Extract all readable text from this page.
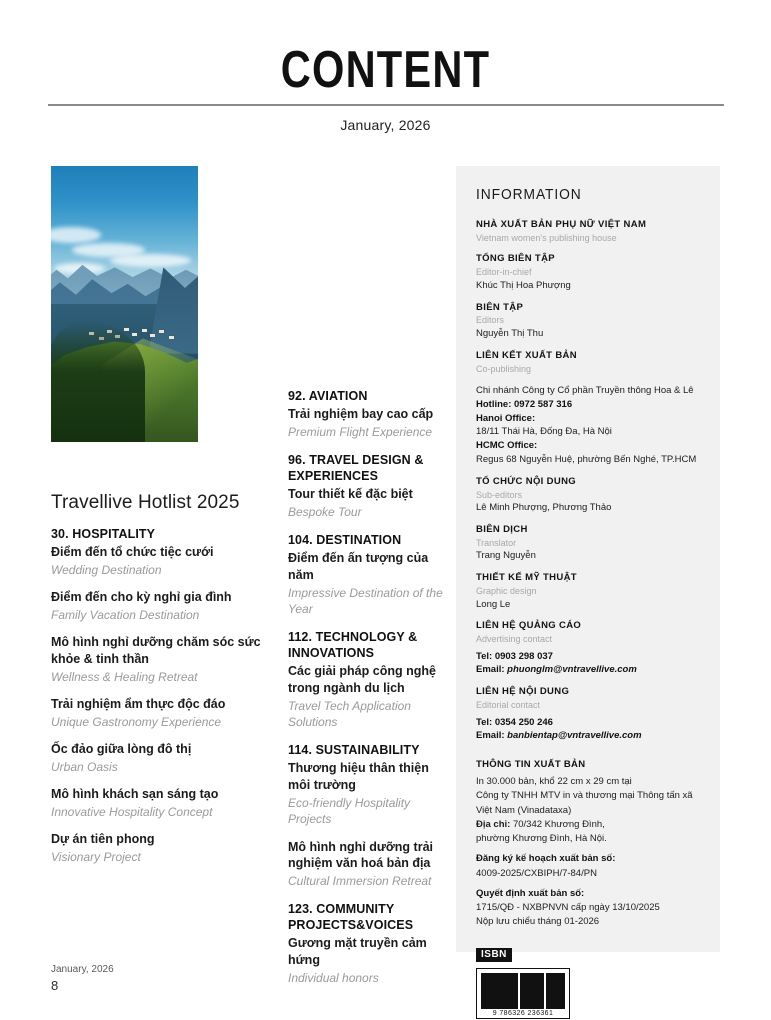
CONTENT
January, 2026
Travellive Hotlist 2025

30. HOSPITALITY

Điểm đến tổ chức tiệc cưới

Wedding Destination

Điểm đến cho kỳ nghỉ gia đình

Family Vacation Destination

Mô hình nghỉ dưỡng chăm sóc sức khỏe & tinh thần

Wellness & Healing Retreat

Trải nghiệm ẩm thực độc đáo

Unique Gastronomy Experience

Ốc đảo giữa lòng đô thị

Urban Oasis

Mô hình khách sạn sáng tạo

Innovative Hospitality Concept

Dự án tiên phong

Visionary Project

92. AVIATION

Trải nghiệm bay cao cấp

Premium Flight Experience

96. TRAVEL DESIGN & EXPERIENCES

Tour thiết kế đặc biệt

Bespoke Tour

104. DESTINATION

Điểm đến ấn tượng của năm

Impressive Destination of the Year

112. TECHNOLOGY & INNOVATIONS

Các giải pháp công nghệ trong ngành du lịch

Travel Tech Application Solutions

114. SUSTAINABILITY

Thương hiệu thân thiện môi trường

Eco-friendly Hospitality Projects

Mô hình nghỉ dưỡng trải nghiệm văn hoá bản địa

Cultural Immersion Retreat

123. COMMUNITY PROJECTS&VOICES

Gương mặt truyền cảm hứng

Individual honors

INFORMATION

NHÀ XUẤT BẢN PHỤ NỮ VIỆT NAM

Vietnam women's publishing house

TỔNG BIÊN TẬP

Editor-in-chief

Khúc Thị Hoa Phượng

BIÊN TẬP

Editors

Nguyễn Thị Thu

LIÊN KẾT XUẤT BẢN

Co-publishing

Chi nhánh Công ty Cổ phần Truyền thông Hoa & Lê

Hotline: 0972 587 316

Hanoi Office:

18/11 Thái Hà, Đống Đa, Hà Nội

HCMC Office:

Regus 68 Nguyễn Huệ, phường Bến Nghé, TP.HCM

TỔ CHỨC NỘI DUNG

Sub-editors

Lê Minh Phượng, Phương Thảo

BIÊN DỊCH

Translator

Trang Nguyễn

THIẾT KẾ MỸ THUẬT

Graphic design

Long Le

LIÊN HỆ QUẢNG CÁO

Advertising contact

Tel: 0903 298 037

Email: phuonglm@vntravellive.com

LIÊN HỆ NỘI DUNG

Editorial contact

Tel: 0354 250 246

Email: banbientap@vntravellive.com

THÔNG TIN XUẤT BẢN

In 30.000 bản, khổ 22 cm x 29 cm tại

Công ty TNHH MTV in và thương mại Thông tấn xã

Việt Nam (Vinadataxa)

Địa chỉ: 70/342 Khương Đình,

phường Khương Đình, Hà Nội.

Đăng ký kế hoạch xuất bản số:

4009-2025/CXBIPH/7-84/PN

Quyết định xuất bản số:

1715/QĐ - NXBPNVN cấp ngày 13/10/2025

Nộp lưu chiểu tháng 01-2026

ISBN
9 786326 236361

January, 2026

8
